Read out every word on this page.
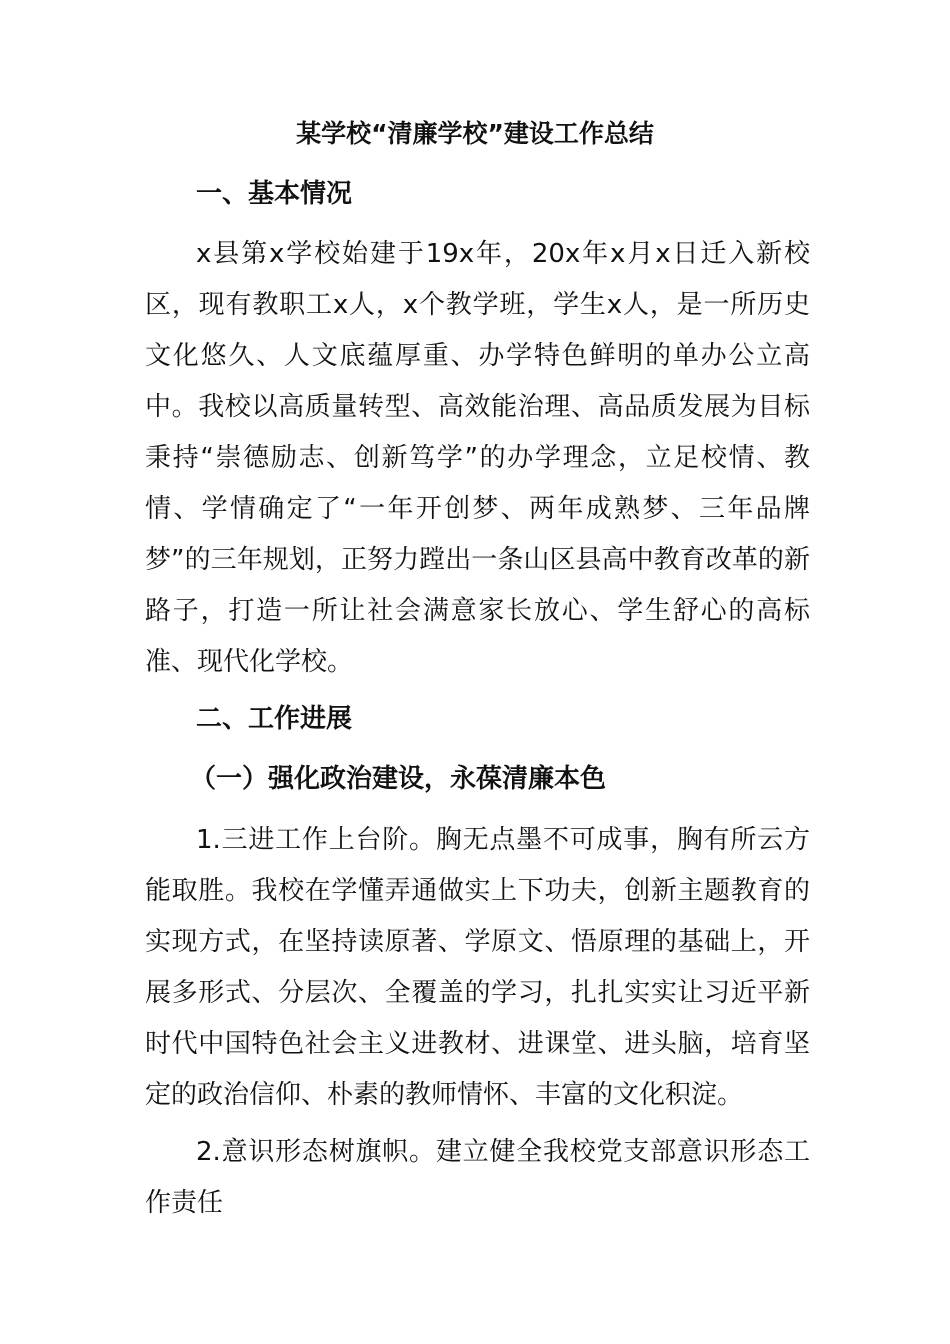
某学校“清廉学校”建设工作总结
一、基本情况

x县第x学校始建于19x年，20x年x月x日迁入新校区，现有教职工x人，x个教学班，学生x人，是一所历史文化悠久、人文底蕴厚重、办学特色鲜明的单办公立高中。我校以高质量转型、高效能治理、高品质发展为目标秉持“崇德励志、创新笃学”的办学理念，立足校情、教情、学情确定了“一年开创梦、两年成熟梦、三年品牌梦”的三年规划，正努力蹚出一条山区县高中教育改革的新路子，打造一所让社会满意家长放心、学生舒心的高标准、现代化学校。

二、工作进展
（一）强化政治建设，永葆清廉本色

1.三进工作上台阶。胸无点墨不可成事，胸有所云方能取胜。我校在学懂弄通做实上下功夫，创新主题教育的实现方式，在坚持读原著、学原文、悟原理的基础上，开展多形式、分层次、全覆盖的学习，扎扎实实让习近平新时代中国特色社会主义进教材、进课堂、进头脑，培育坚定的政治信仰、朴素的教师情怀、丰富的文化积淀。

2.意识形态树旗帜。建立健全我校党支部意识形态工作责任
